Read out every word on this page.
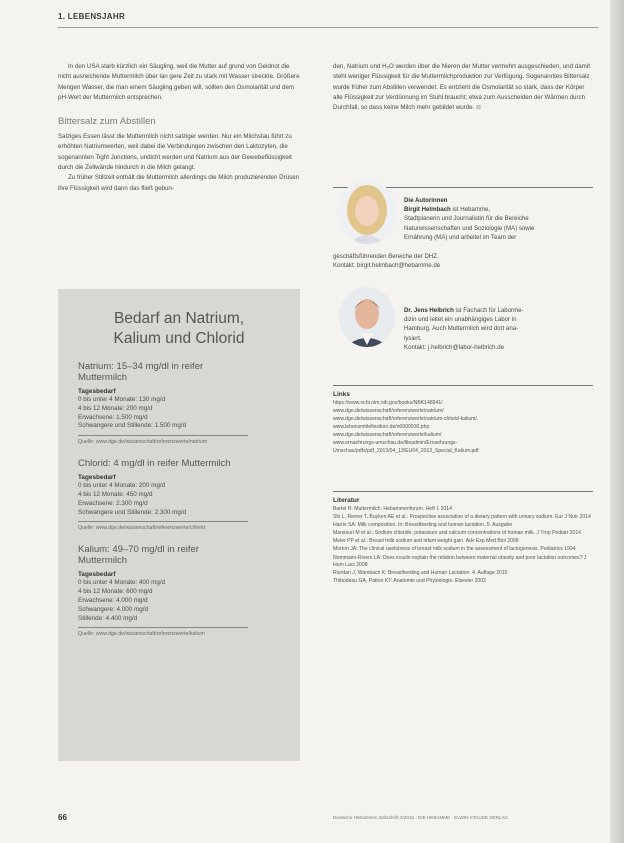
1. LEBENSJAHR

In den USA starb kürzlich ein Säugling, weil die Mutter auf grund von Geldnot die nicht ausreichende Muttermilch über lan gere Zeit zu stark mit Wasser streckte. Größere Mengen Wasser, die man einem Säugling geben will, sollten den Osmolarität und dem pH-Wert der Muttermilch entsprechen.

Bittersalz zum Abstillen

Salziges Essen lässt die Muttermilch nicht salziger werden. Nur ein Milchstau führt zu erhöhten Natriumwerten, weil dabei die Verbindungen zwischen den Laktozyten, die sogenannten Tight Junctions, undicht werden und Natrium aus der Gewebeflüssigkeit durch die Zellwände hindurch in die Milch gelangt.

Zu früher Stillzeit enthält die Muttermilch allerdings die Milch produzierenden Drüsen ihre Flüssigkeit wird dann das fließ gebun-

den, Natrium und H₂O werden über die Nieren der Mutter vermehrt ausgeschieden, und damit steht weniger Flüssigkeit für die Muttermilchproduktion zur Verfügung. Sogenanntes Bittersalz wurde früher zum Abstillen verwendet. Es entzieht die Osmolarität so stark, dass der Körper alle Flüssigkeit zur Verdünnung im Stuhl braucht; etwa zum Ausscheiden der Wärmen durch Durchfall, so dass keine Milch mehr gebildet wurde. ⊠

Bedarf an Natrium,
Kalium und Chlorid
Natrium: 15–34 mg/dl in reifer
Muttermilch
Tagesbedarf
0 bis unter 4 Monate: 130 mg/d
4 bis 12 Monate: 200 mg/d
Erwachsene: 1.500 mg/d
Schwangere und Stillende: 1.500 mg/d
Quelle: www.dge.de/wissenschaft/referenzwerte/natrium
Chlorid: 4 mg/dl in reifer Muttermilch
Tagesbedarf
0 bis unter 4 Monate: 200 mg/d
4 bis 12 Monate: 450 mg/d
Erwachsene: 2.300 mg/d
Schwangere und Stillende: 2.300 mg/d
Quelle: www.dge.de/wissenschaft/referenzwerte/chlorid
Kalium: 49–70 mg/dl in reifer
Muttermilch
Tagesbedarf
0 bis unter 4 Monate: 400 mg/d
4 bis 12 Monate: 600 mg/d
Erwachsene: 4.000 mg/d
Schwangere: 4.000 mg/d
Stillende: 4.400 mg/d
Quelle: www.dge.de/wissenschaft/referenzwerte/kalium
Die Autorinnen
Birgit Helmbach ist Hebamme,
Stadtplanerin und Journalistin für die Bereiche
Naturwissenschaften und Soziologie (MA) sowie
Ernährung (MA) und arbeitet im Team der
geschäftsführenden Bereiche der DHZ.
Kontakt: birgit.helmbach@hebamme.de
Dr. Jens Helbrich ist Facharzt für Laborme-
dizin und leitet ein unabhängiges Labor in
Hamburg. Auch Muttermilch wird dort ana-
lysiert.
Kontakt: j.helbrich@labor-helbrich.de
Links
https://www.ncbi.nlm.nih.gov/books/NBK148941/
www.dge.de/wissenschaft/referenzwerte/natrium/
www.dge.de/wissenschaft/referenzwerte/natrium-chlorid-kalium/
www.lebensmittellexikon.de/n0000930.php
www.dge.de/wissenschaft/referenzwerte/kalium/
www.ernaehrungs-umschau.de/fileadmin/Ernaehrungs-Umschau/pdfs/pdf_2013/04_13/EU04_2013_Special_Kalium.pdf
Literatur
Bartel R: Muttermilch. Hebammenforum. Heft 1 2014
Shi L, Remer T, Buyken AE et al.: Prospective association of a dietary pattern with urinary sodium. Eur J Nutr 2014
Harris SA: Milk composition. In: Breastfeeding and human lactation. 5. Ausgabe
Mansouri M et al.: Sodium chloride, potassium and calcium concentrations of human milk. J Trop Pediatr 2014
Meier PP et al.: Breast milk sodium and infant weight gain. Adv Exp Med Biol 2008
Morton JA: The clinical usefulness of breast milk sodium in the assessment of lactogenesis. Pediatrics 1994
Nommsen-Rivers LA: Does insulin explain the relation between maternal obesity and poor lactation outcomes? J Hum Lact 2008
Riordan J, Wambach K: Breastfeeding and Human Lactation. 4. Auflage 2010
Thibodeau GA, Patton KT: Anatomie und Physiologie. Elsevier 2002
66	Deutsche Hebammen Zeitschrift 3/2015 · DIE HEBAMME · ELWIN STAUDE VERLAG
